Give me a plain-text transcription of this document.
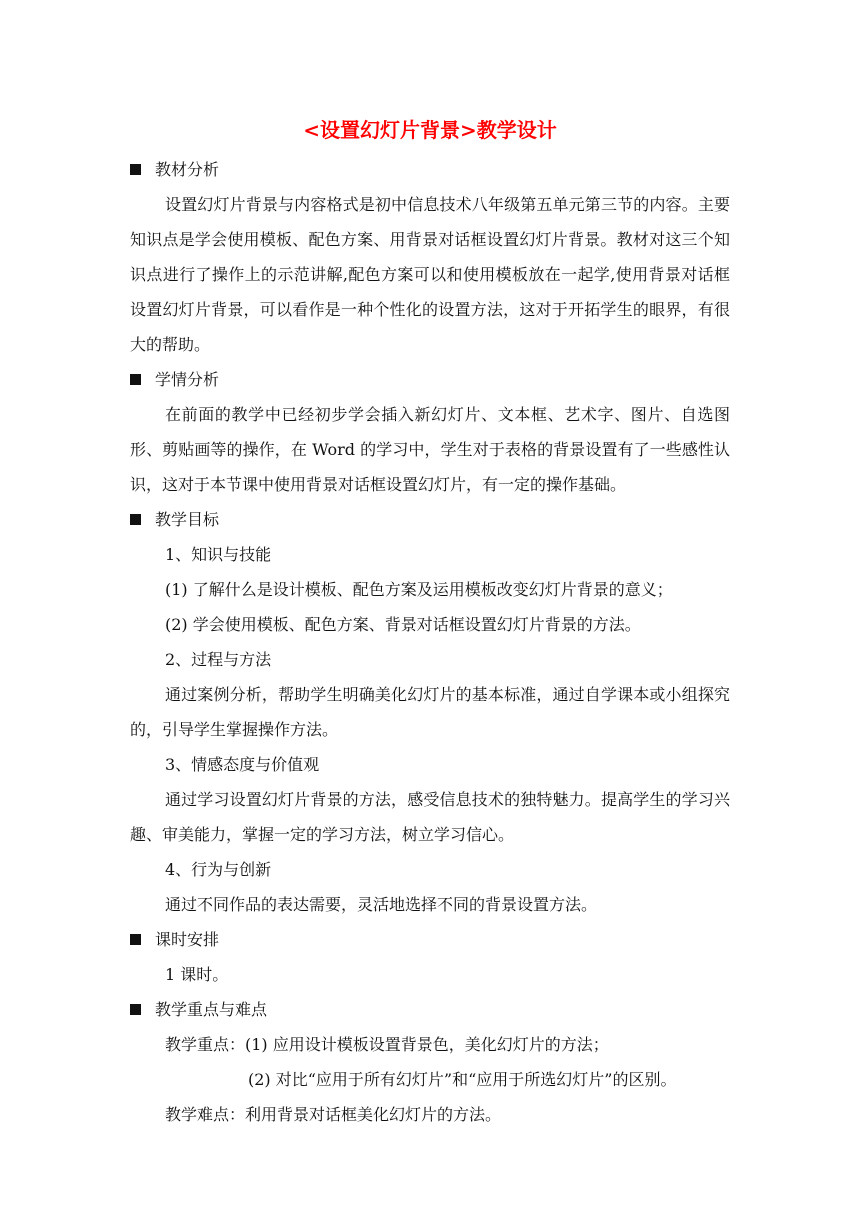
<设置幻灯片背景>教学设计
教材分析

设置幻灯片背景与内容格式是初中信息技术八年级第五单元第三节的内容。主要知识点是学会使用模板、配色方案、用背景对话框设置幻灯片背景。教材对这三个知识点进行了操作上的示范讲解,配色方案可以和使用模板放在一起学,使用背景对话框设置幻灯片背景，可以看作是一种个性化的设置方法，这对于开拓学生的眼界，有很大的帮助。

学情分析

在前面的教学中已经初步学会插入新幻灯片、文本框、艺术字、图片、自选图形、剪贴画等的操作，在 Word 的学习中，学生对于表格的背景设置有了一些感性认识，这对于本节课中使用背景对话框设置幻灯片，有一定的操作基础。

教学目标
1、知识与技能
(1) 了解什么是设计模板、配色方案及运用模板改变幻灯片背景的意义；
(2) 学会使用模板、配色方案、背景对话框设置幻灯片背景的方法。
2、过程与方法

通过案例分析，帮助学生明确美化幻灯片的基本标准，通过自学课本或小组探究的，引导学生掌握操作方法。

3、情感态度与价值观

通过学习设置幻灯片背景的方法，感受信息技术的独特魅力。提高学生的学习兴趣、审美能力，掌握一定的学习方法，树立学习信心。

4、行为与创新
通过不同作品的表达需要，灵活地选择不同的背景设置方法。
课时安排
1 课时。
教学重点与难点
教学重点：(1) 应用设计模板设置背景色，美化幻灯片的方法；
(2) 对比“应用于所有幻灯片”和“应用于所选幻灯片”的区别。
教学难点：利用背景对话框美化幻灯片的方法。
